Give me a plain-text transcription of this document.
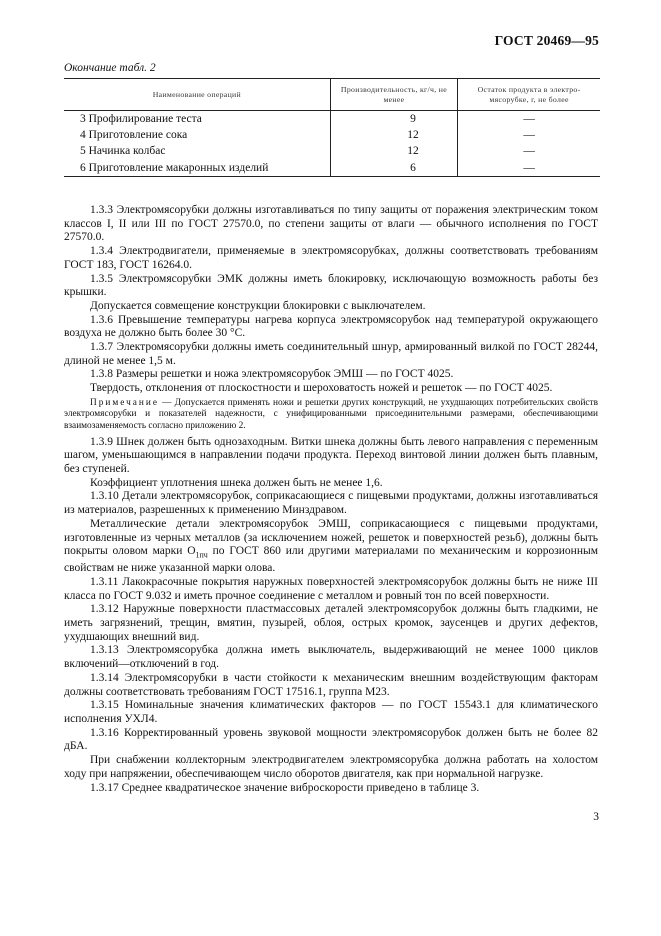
ГОСТ 20469—95
Окончание табл. 2
Наименование операций	Производительность, кг/ч, не менее	Остаток продукта в электро-мясорубке, г, не более
3 Профилирование теста	9	—
4 Приготовление сока	12	—
5 Начинка колбас	12	—
6 Приготовление макаронных изделий	6	—

1.3.3 Электромясорубки должны изготавливаться по типу защиты от поражения электрическим током классов I, II или III по ГОСТ 27570.0, по степени защиты от влаги — обычного исполнения по ГОСТ 27570.0.

1.3.4 Электродвигатели, применяемые в электромясорубках, должны соответствовать требованиям ГОСТ 183, ГОСТ 16264.0.

1.3.5 Электромясорубки ЭМК должны иметь блокировку, исключающую возможность работы без крышки.

Допускается совмещение конструкции блокировки с выключателем.

1.3.6 Превышение температуры нагрева корпуса электромясорубок над температурой окружающего воздуха не должно быть более 30 °С.

1.3.7 Электромясорубки должны иметь соединительный шнур, армированный вилкой по ГОСТ 28244, длиной не менее 1,5 м.

1.3.8 Размеры решетки и ножа электромясорубок ЭМШ — по ГОСТ 4025.

Твердость, отклонения от плоскостности и шероховатость ножей и решеток — по ГОСТ 4025.

Примечание — Допускается применять ножи и решетки других конструкций, не ухудшающих потребительских свойств электромясорубки и показателей надежности, с унифицированными присоединительными размерами, обеспечивающими взаимозаменяемость согласно приложению 2.

1.3.9 Шнек должен быть однозаходным. Витки шнека должны быть левого направления с переменным шагом, уменьшающимся в направлении подачи продукта. Переход винтовой линии должен быть плавным, без ступеней.

Коэффициент уплотнения шнека должен быть не менее 1,6.

1.3.10 Детали электромясорубок, соприкасающиеся с пищевыми продуктами, должны изготавливаться из материалов, разрешенных к применению Минздравом.

Металлические детали электромясорубок ЭМШ, соприкасающиеся с пищевыми продуктами, изготовленные из черных металлов (за исключением ножей, решеток и поверхностей резьб), должны быть покрыты оловом марки $О_{1пч}$ по ГОСТ 860 или другими материалами по механическим и коррозионным свойствам не ниже указанной марки олова.

1.3.11 Лакокрасочные покрытия наружных поверхностей электромясорубок должны быть не ниже III класса по ГОСТ 9.032 и иметь прочное соединение с металлом и ровный тон по всей поверхности.

1.3.12 Наружные поверхности пластмассовых деталей электромясорубок должны быть гладкими, не иметь загрязнений, трещин, вмятин, пузырей, облоя, острых кромок, заусенцев и других дефектов, ухудшающих внешний вид.

1.3.13 Электромясорубка должна иметь выключатель, выдерживающий не менее 1000 циклов включений—отключений в год.

1.3.14 Электромясорубки в части стойкости к механическим внешним воздействующим факторам должны соответствовать требованиям ГОСТ 17516.1, группа М23.

1.3.15 Номинальные значения климатических факторов — по ГОСТ 15543.1 для климатического исполнения УХЛ4.

1.3.16 Корректированный уровень звуковой мощности электромясорубок должен быть не более 82 дБА.

При снабжении коллекторным электродвигателем электромясорубка должна работать на холостом ходу при напряжении, обеспечивающем число оборотов двигателя, как при нормальной нагрузке.

1.3.17 Среднее квадратическое значение виброскорости приведено в таблице 3.

3
